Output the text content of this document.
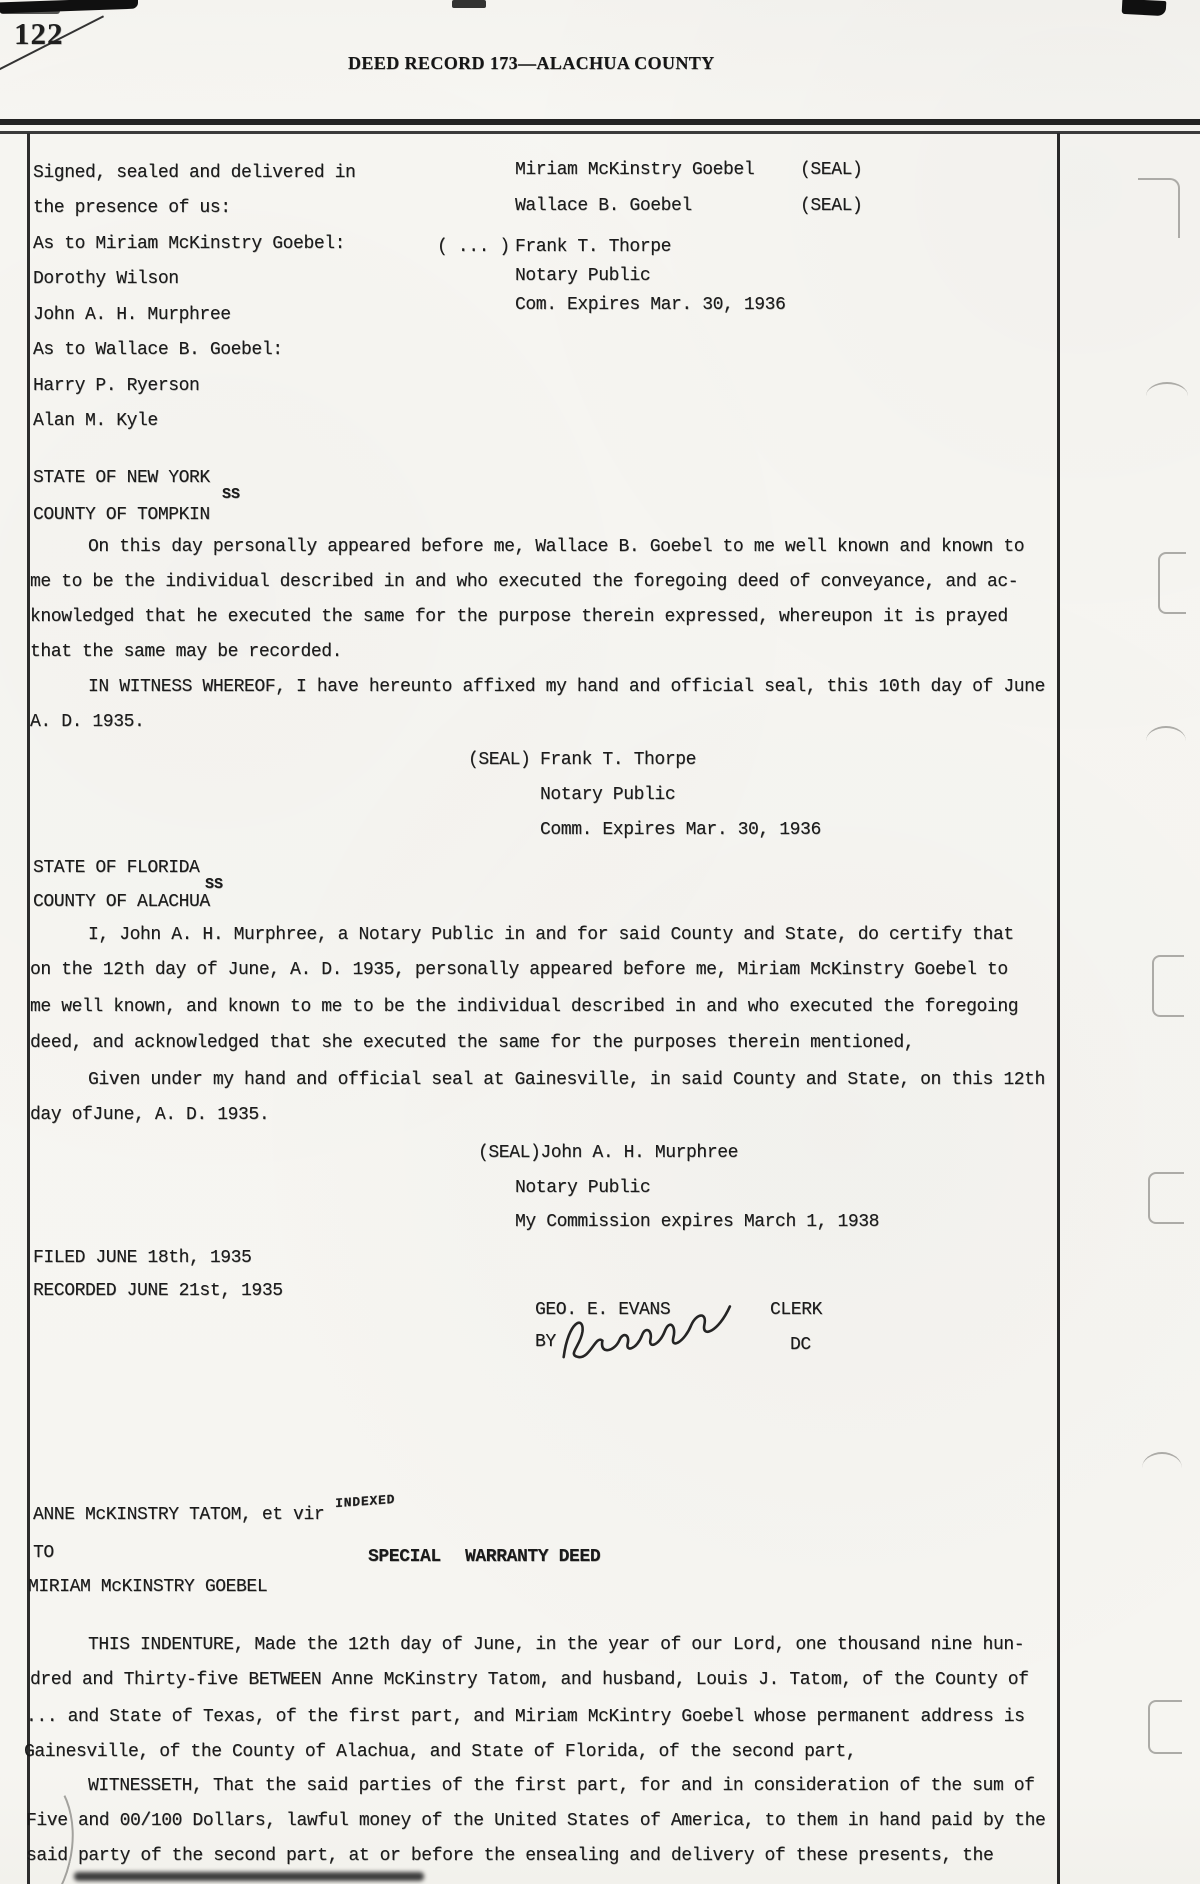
122
DEED RECORD 173—ALACHUA COUNTY
Signed, sealed and delivered in
the presence of us:
As to Miriam McKinstry Goebel:
Dorothy Wilson
John A. H. Murphree
As to Wallace B. Goebel:
Harry P. Ryerson
Alan M. Kyle
Miriam McKinstry Goebel	(SEAL)
Wallace B. Goebel	(SEAL)
( ... ) Frank T. Thorpe
Notary Public
Com. Expires Mar. 30, 1936
STATE OF NEW YORK
SS
COUNTY OF TOMPKIN
On this day personally appeared before me, Wallace B. Goebel to me well known and known to
me to be the individual described in and who executed the foregoing deed of conveyance, and ac-
knowledged that he executed the same for the purpose therein expressed, whereupon it is prayed
that the same may be recorded.
IN WITNESS WHEREOF, I have hereunto affixed my hand and official seal, this 10th day of June
A. D. 1935.
(SEAL) Frank T. Thorpe
Notary Public
Comm. Expires Mar. 30, 1936
STATE OF FLORIDA
SS
COUNTY OF ALACHUA
I, John A. H. Murphree, a Notary Public in and for said County and State, do certify that
on the 12th day of June, A. D. 1935, personally appeared before me, Miriam McKinstry Goebel to
me well known, and known to me to be the individual described in and who executed the foregoing
deed, and acknowledged that she executed the same for the purposes therein mentioned,
Given under my hand and official seal at Gainesville, in said County and State, on this 12th
day ofJune, A. D. 1935.
(SEAL)John A. H. Murphree
Notary Public
My Commission expires March 1, 1938
FILED JUNE 18th, 1935
RECORDED JUNE 21st, 1935
GEO. E. EVANS	CLERK
BY	DC
ANNE McKINSTRY TATOM, et vir
INDEXED
TO	SPECIAL WARRANTY DEED
MIRIAM McKINSTRY GOEBEL
THIS INDENTURE, Made the 12th day of June, in the year of our Lord, one thousand nine hun-
dred and Thirty-five BETWEEN Anne McKinstry Tatom, and husband, Louis J. Tatom, of the County of
... and State of Texas, of the first part, and Miriam McKintry Goebel whose permanent address is
Gainesville, of the County of Alachua, and State of Florida, of the second part,
WITNESSETH, That the said parties of the first part, for and in consideration of the sum of
Five and 00/100 Dollars, lawful money of the United States of America, to them in hand paid by the
said party of the second part, at or before the ensealing and delivery of these presents, the
